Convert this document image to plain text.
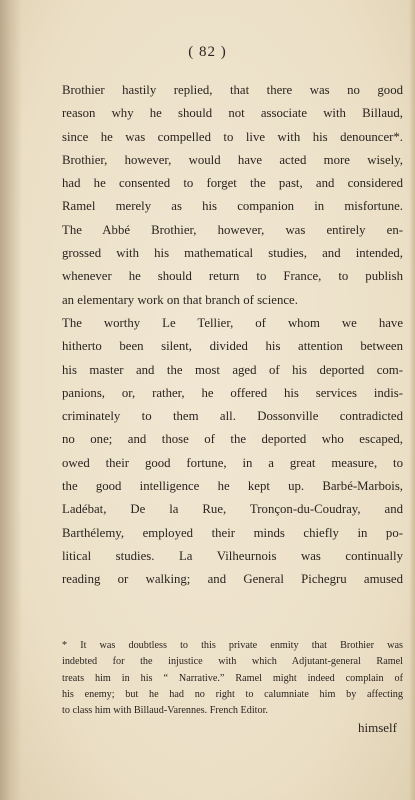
( 82 )
Brothier hastily replied, that there was no good
reason why he should not associate with Billaud,
since he was compelled to live with his denouncer*.
Brothier, however, would have acted more wisely,
had he consented to forget the past, and considered
Ramel merely as his companion in misfortune.
The Abbé Brothier, however, was entirely en-
grossed with his mathematical studies, and intended,
whenever he should return to France, to publish
an elementary work on that branch of science.
The worthy Le Tellier, of whom we have
hitherto been silent, divided his attention between
his master and the most aged of his deported com-
panions, or, rather, he offered his services indis-
criminately to them all. Dossonville contradicted
no one; and those of the deported who escaped,
owed their good fortune, in a great measure, to
the good intelligence he kept up. Barbé-Marbois,
Ladébat, De la Rue, Tronçon-du-Coudray, and
Barthélemy, employed their minds chiefly in po-
litical studies. La Vilheurnois was continually
reading or walking; and General Pichegru amused
* It was doubtless to this private enmity that Brothier was
indebted for the injustice with which Adjutant-general Ramel
treats him in his “ Narrative.” Ramel might indeed complain of
his enemy; but he had no right to calumniate him by affecting
to class him with Billaud-Varennes. French Editor.
himself
